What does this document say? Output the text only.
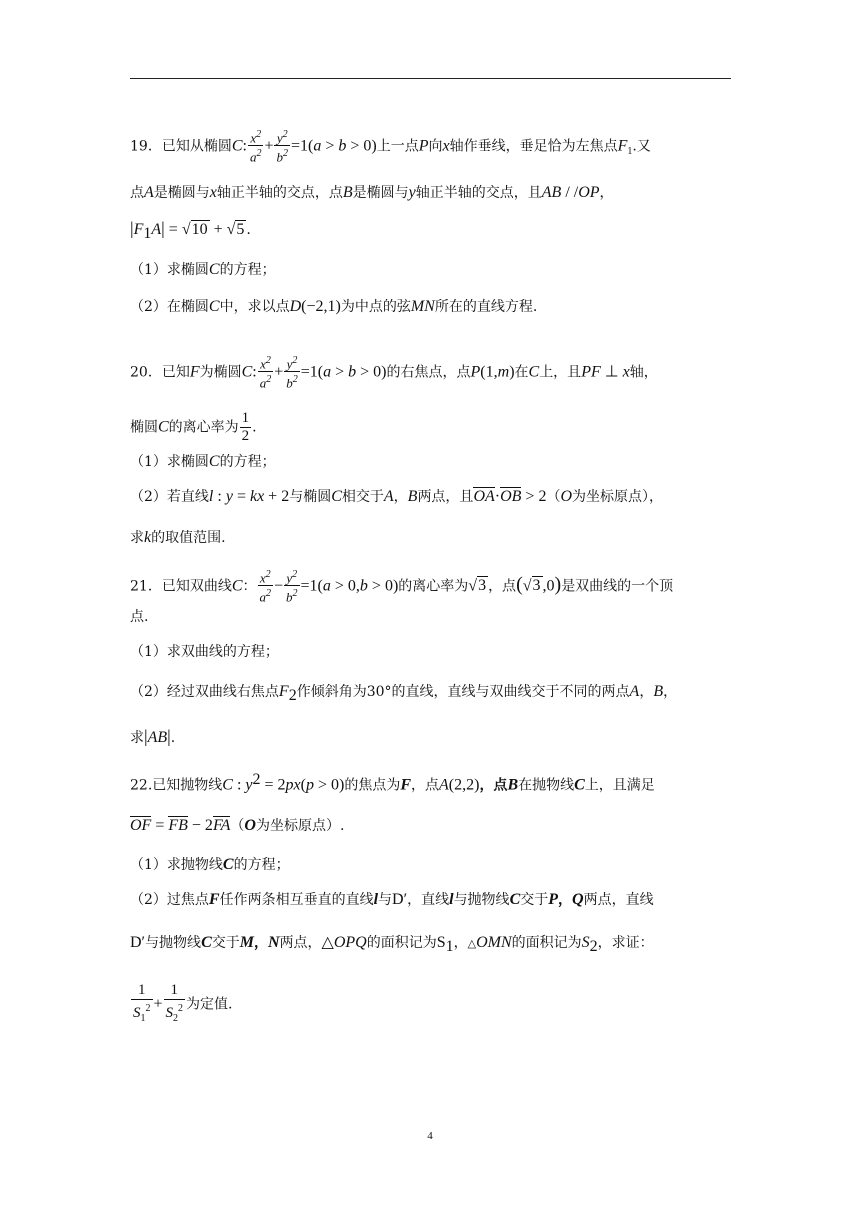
19．已知从椭圆C: $\frac{x^2}{a^2} + \frac{y^2}{b^2} =1(a > b > 0)$上一点P向x轴作垂线，垂足恰为左焦点$F_1$.又
点A是椭圆与x轴正半轴的交点，点B是椭圆与y轴正半轴的交点，且AB / /OP，
$|F_1A| = √10 + √5$ .
（1）求椭圆C的方程；
（2）在椭圆C中，求以点D(−2,1)为中点的弦MN所在的直线方程.
20．已知F为椭圆C: $\frac{x^2}{a^2} + \frac{y^2}{b^2} =1(a > b > 0)$的右焦点，点P(1,m)在C上，且PF ⊥ x轴，
椭圆C的离心率为 $\frac{1}{2}$ .
（1）求椭圆C的方程；
（2）若直线l : y = kx + 2与椭圆C相交于A，B两点，且OA·OB > 2（O为坐标原点），
求k的取值范围.
21．已知双曲线C： $\frac{x^2}{a^2} - \frac{y^2}{b^2} =1(a > 0,b > 0)$的离心率为√3 ，点(√3 ,0)是双曲线的一个顶
点.
（1）求双曲线的方程；
（2）经过双曲线右焦点$F_2$作倾斜角为30°的直线，直线与双曲线交于不同的两点A，B，
求|AB|.
22.已知抛物线C : $y^2 = 2px(p > 0)$的焦点为F，点A(2,2)，点B在抛物线C上，且满足
OF = FB − 2FA（O为坐标原点）.
（1）求抛物线C的方程；
（2）过焦点F任作两条相互垂直的直线l与D′，直线l与抛物线C交于P，Q两点，直线
D′与抛物线C交于M，N两点，△OPQ的面积记为$S_1$，△OMN的面积记为$S_2$，求证：
$\frac{1}{S_1^2} + \frac{1}{S_2^2}$ 为定值.
4
